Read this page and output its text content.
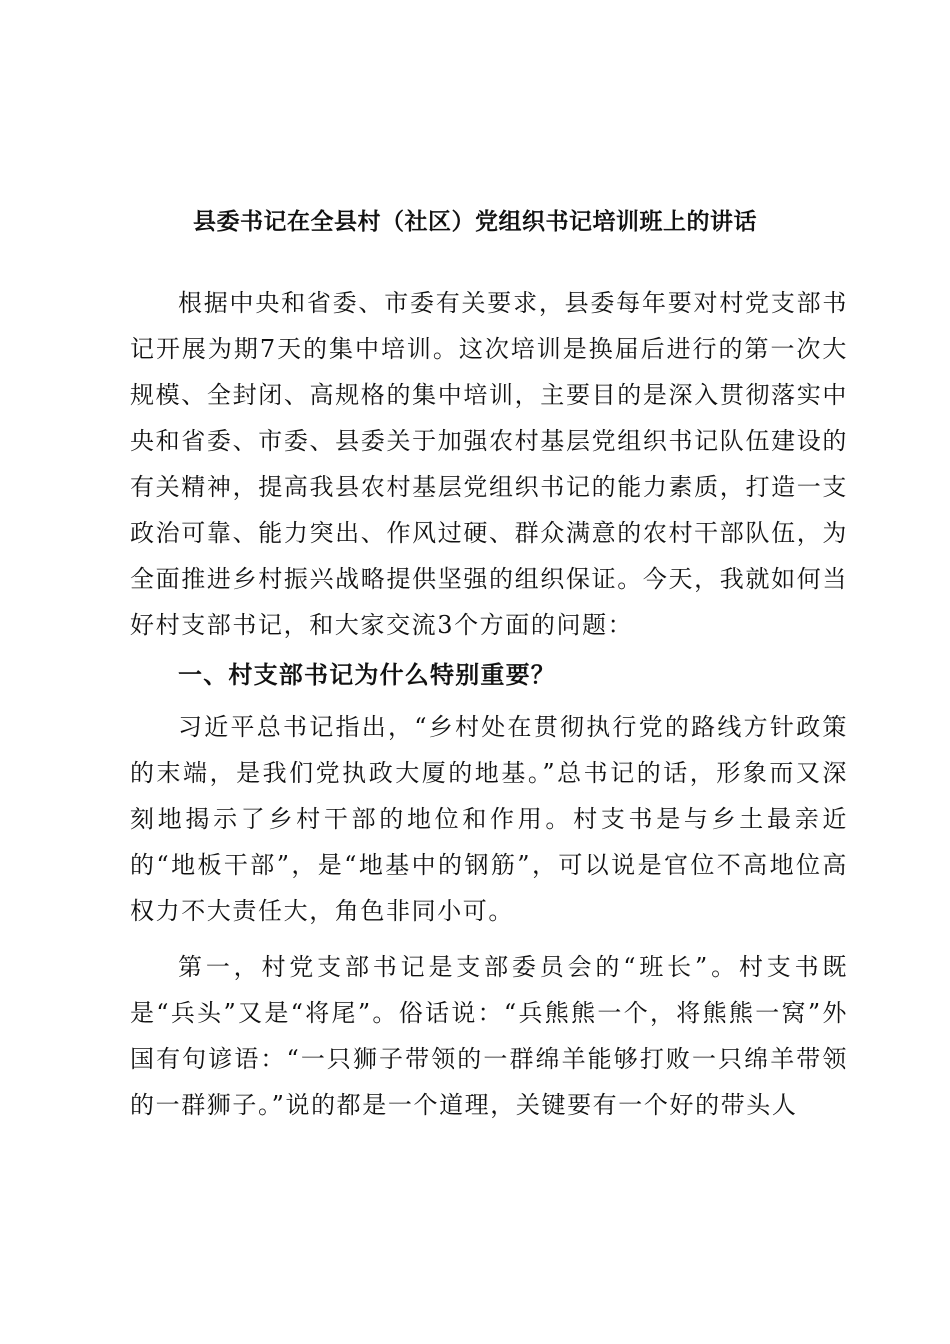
县委书记在全县村（社区）党组织书记培训班上的讲话

根据中央和省委、市委有关要求，县委每年要对村党支部书记开展为期7天的集中培训。这次培训是换届后进行的第一次大规模、全封闭、高规格的集中培训，主要目的是深入贯彻落实中央和省委、市委、县委关于加强农村基层党组织书记队伍建设的有关精神，提高我县农村基层党组织书记的能力素质，打造一支政治可靠、能力突出、作风过硬、群众满意的农村干部队伍，为全面推进乡村振兴战略提供坚强的组织保证。今天，我就如何当好村支部书记，和大家交流3个方面的问题：

一、村支部书记为什么特别重要？

习近平总书记指出，“乡村处在贯彻执行党的路线方针政策的末端，是我们党执政大厦的地基。”总书记的话，形象而又深刻地揭示了乡村干部的地位和作用。村支书是与乡土最亲近的“地板干部”，是“地基中的钢筋”，可以说是官位不高地位高权力不大责任大，角色非同小可。

第一，村党支部书记是支部委员会的“班长”。村支书既是“兵头”又是“将尾”。俗话说：“兵熊熊一个，将熊熊一窝”外国有句谚语：“一只狮子带领的一群绵羊能够打败一只绵羊带领的一群狮子。”说的都是一个道理，关键要有一个好的带头人
